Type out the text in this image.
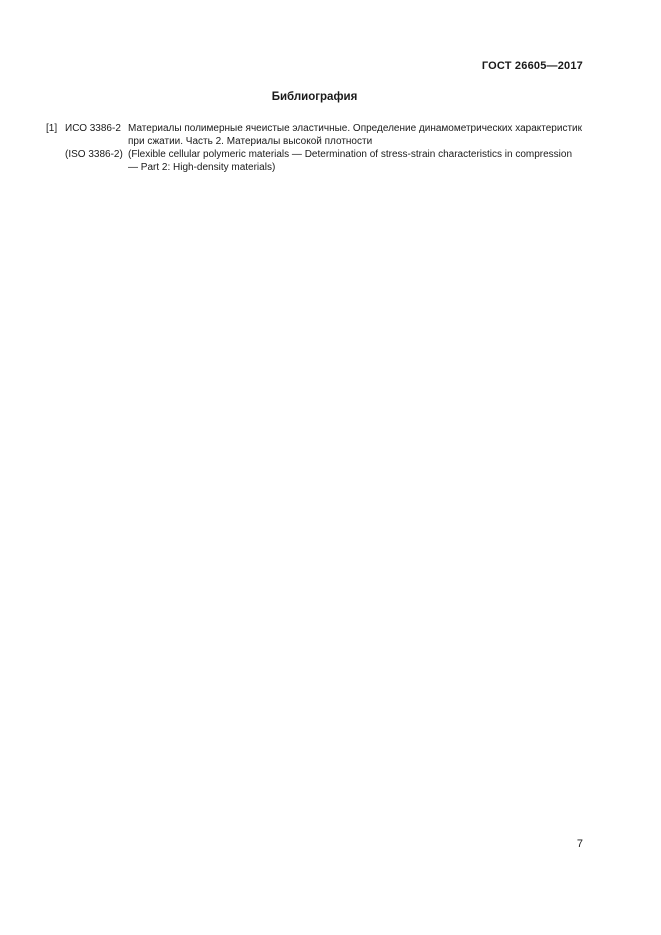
ГОСТ 26605—2017
Библиография
[1] ИСО 3386-2 Материалы полимерные ячеистые эластичные. Определение динамометрических характеристик при сжатии. Часть 2. Материалы высокой плотности
(ISO 3386-2) (Flexible cellular polymeric materials — Determination of stress-strain characteristics in compression — Part 2: High-density materials)
7
